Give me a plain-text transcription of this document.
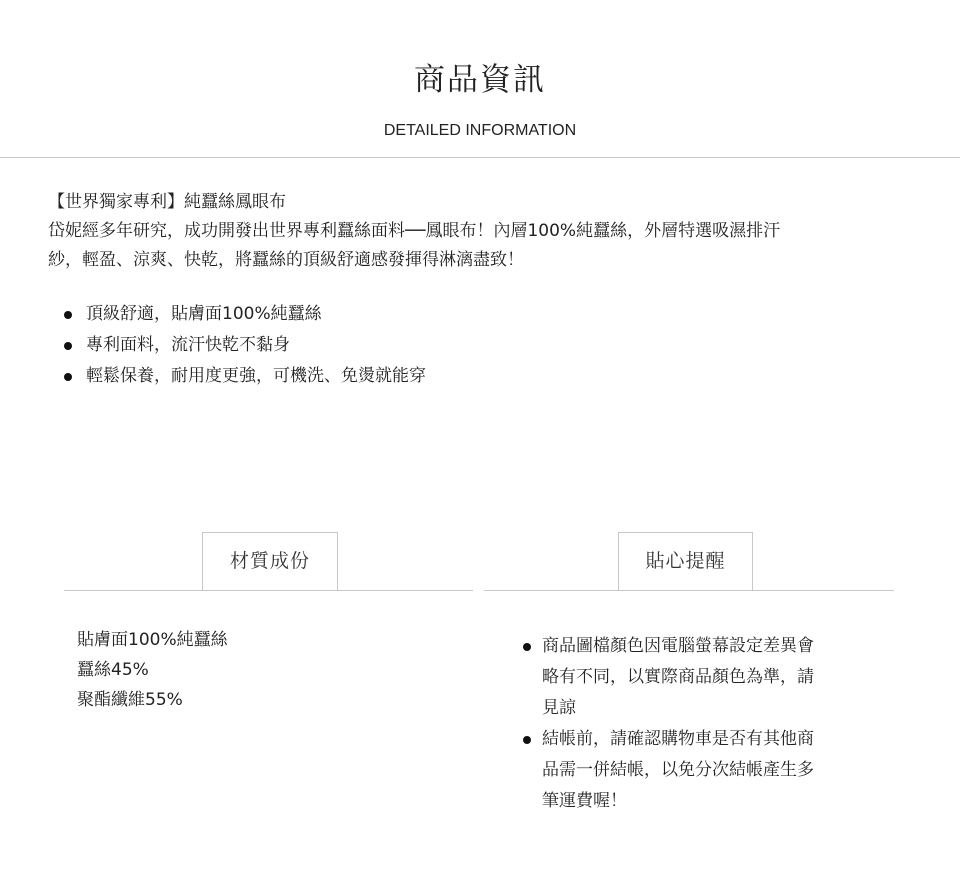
商品資訊
DETAILED INFORMATION
【世界獨家專利】純蠶絲鳳眼布
岱妮經多年研究，成功開發出世界專利蠶絲面料──鳳眼布！內層100%純蠶絲，外層特選吸濕排汗
紗，輕盈、涼爽、快乾，將蠶絲的頂級舒適感發揮得淋漓盡致！
頂級舒適，貼膚面100%純蠶絲
專利面料，流汗快乾不黏身
輕鬆保養，耐用度更強，可機洗、免燙就能穿
材質成份	貼心提醒
貼膚面100%純蠶絲
蠶絲45%
聚酯纖維55%
商品圖檔顏色因電腦螢幕設定差異會
略有不同，以實際商品顏色為準，請
見諒
結帳前，請確認購物車是否有其他商
品需一併結帳，以免分次結帳產生多
筆運費喔！
